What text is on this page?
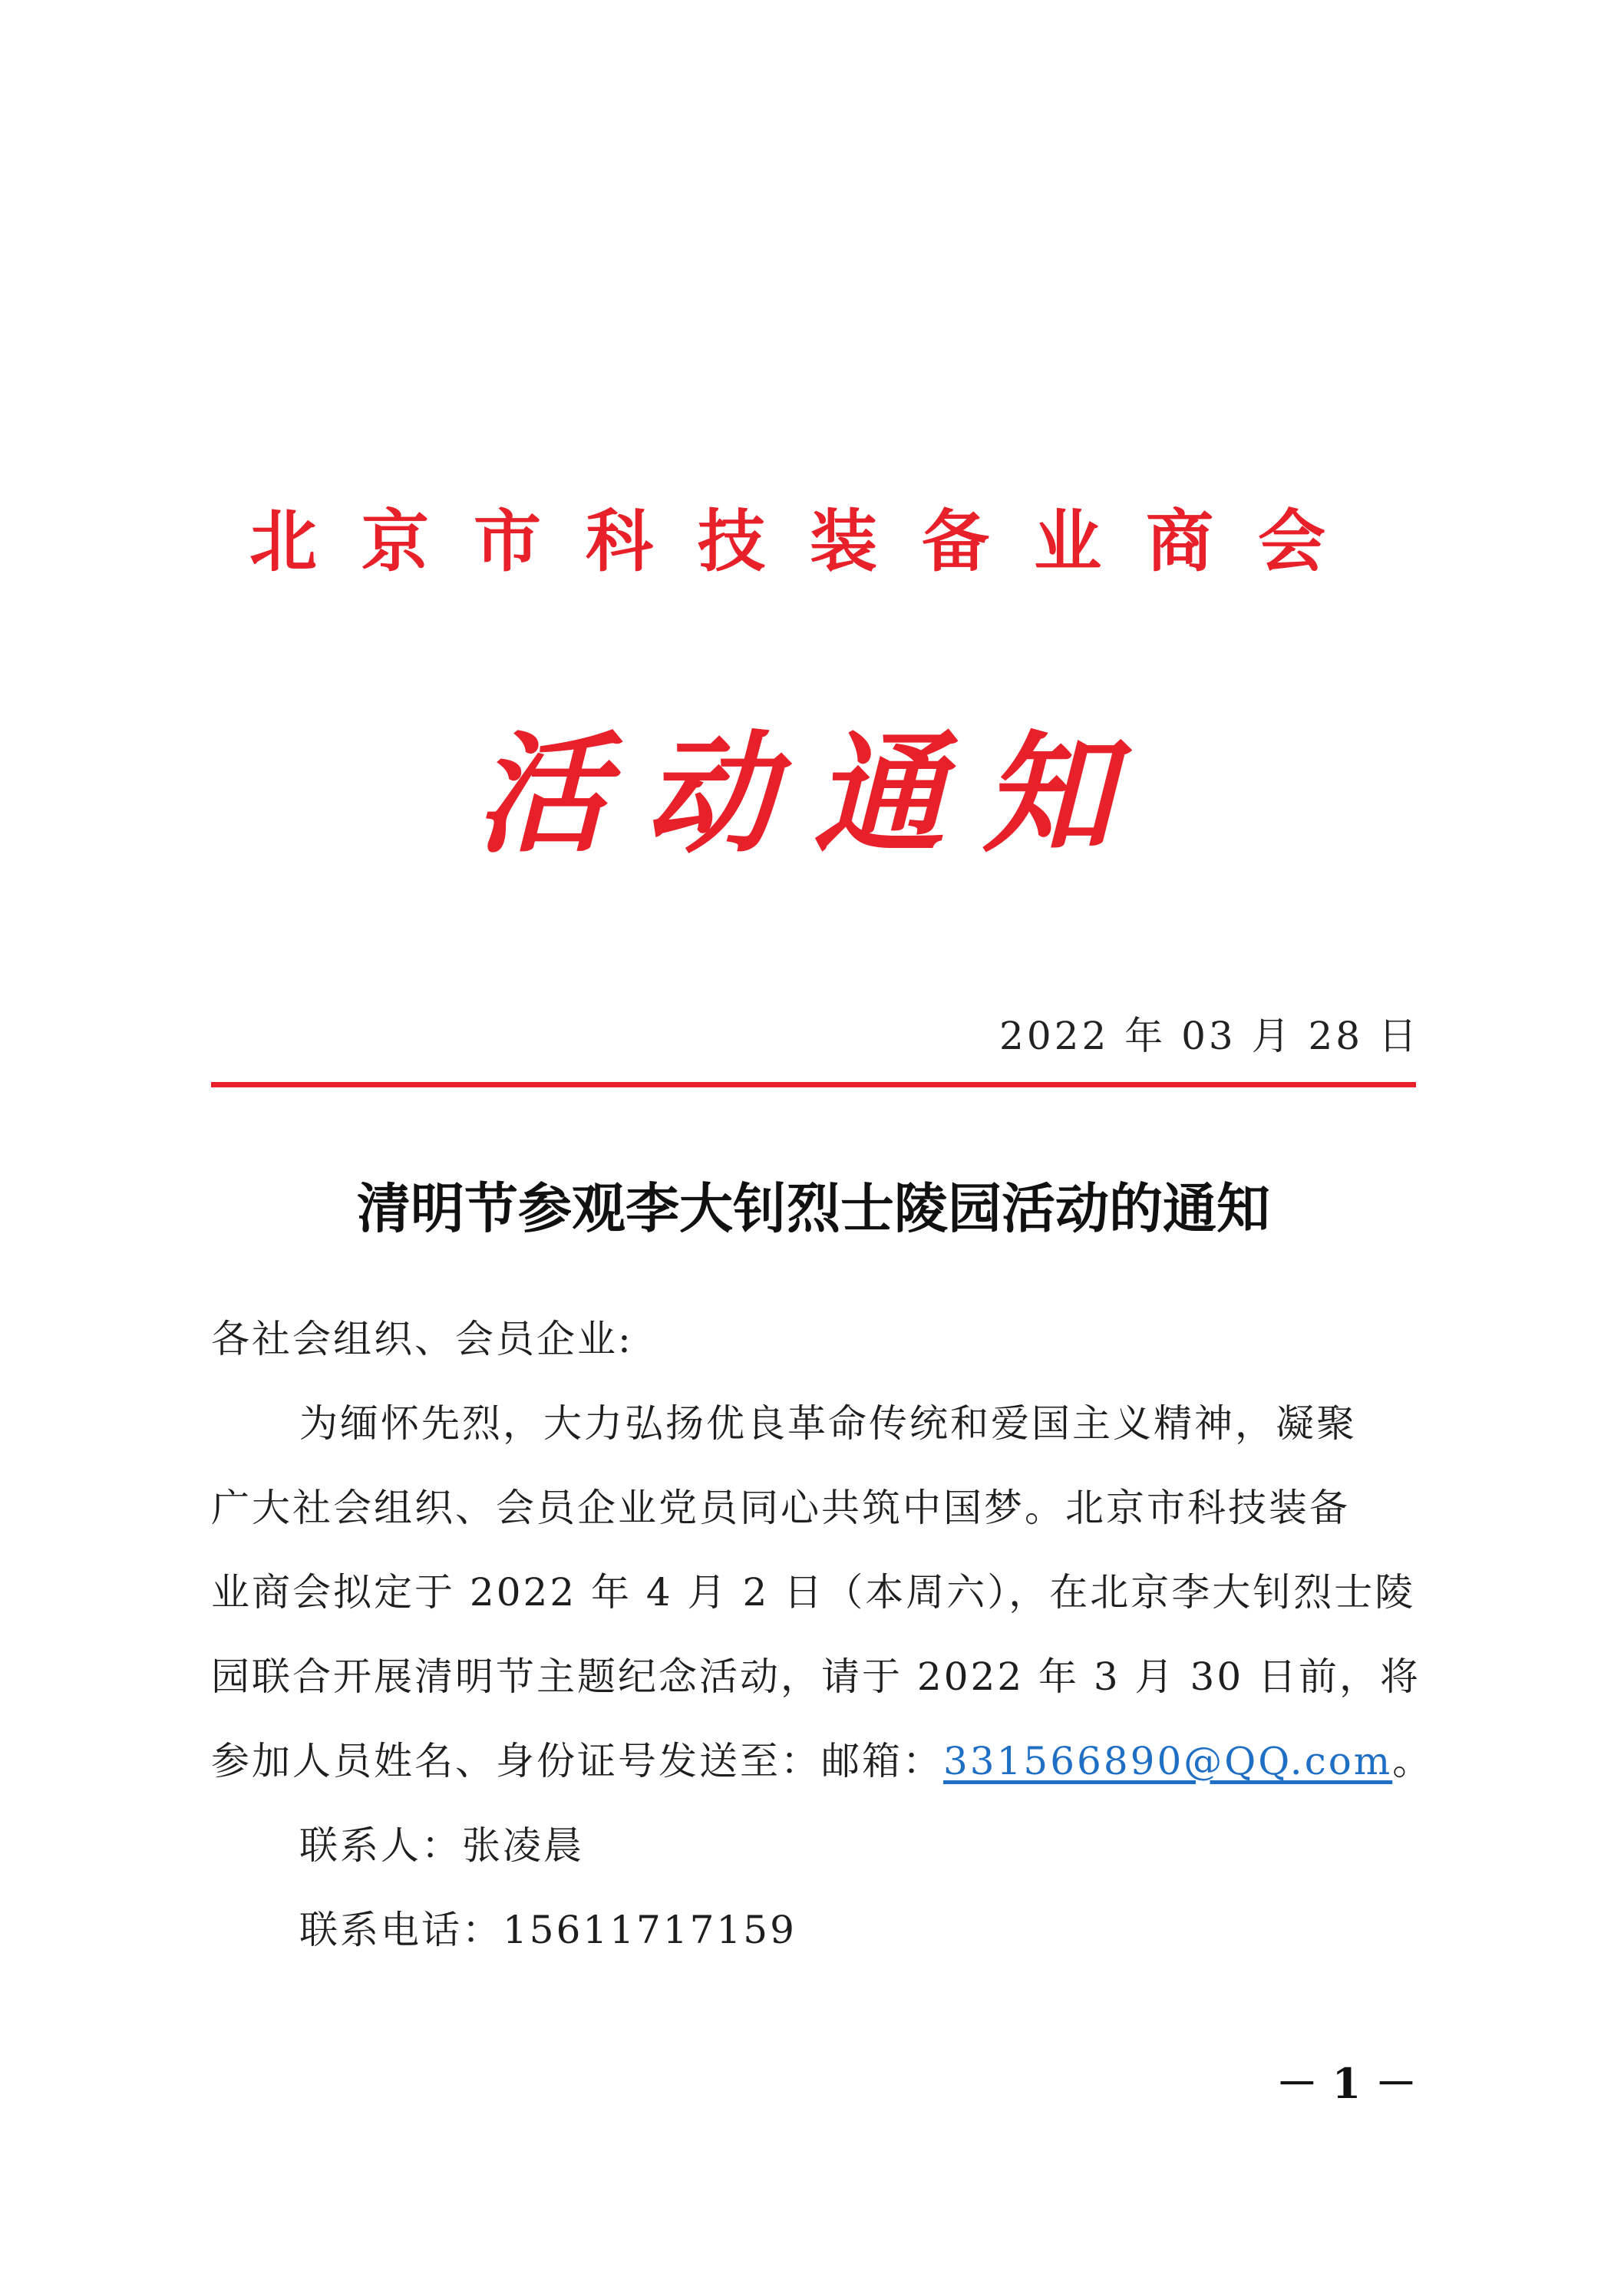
北京市科技装备业商会
活动通知
2022 年 03 月 28 日
清明节参观李大钊烈士陵园活动的通知
各社会组织、会员企业:
为缅怀先烈，大力弘扬优良革命传统和爱国主义精神，凝聚
广大社会组织、会员企业党员同心共筑中国梦。北京市科技装备
业商会拟定于 2022 年 4 月 2 日（本周六），在北京李大钊烈士陵
园联合开展清明节主题纪念活动，请于 2022 年 3 月 30 日前，将
参加人员姓名、身份证号发送至：邮箱：331566890@QQ.com。
联系人：张凌晨
联系电话：15611717159
－ 1 －
